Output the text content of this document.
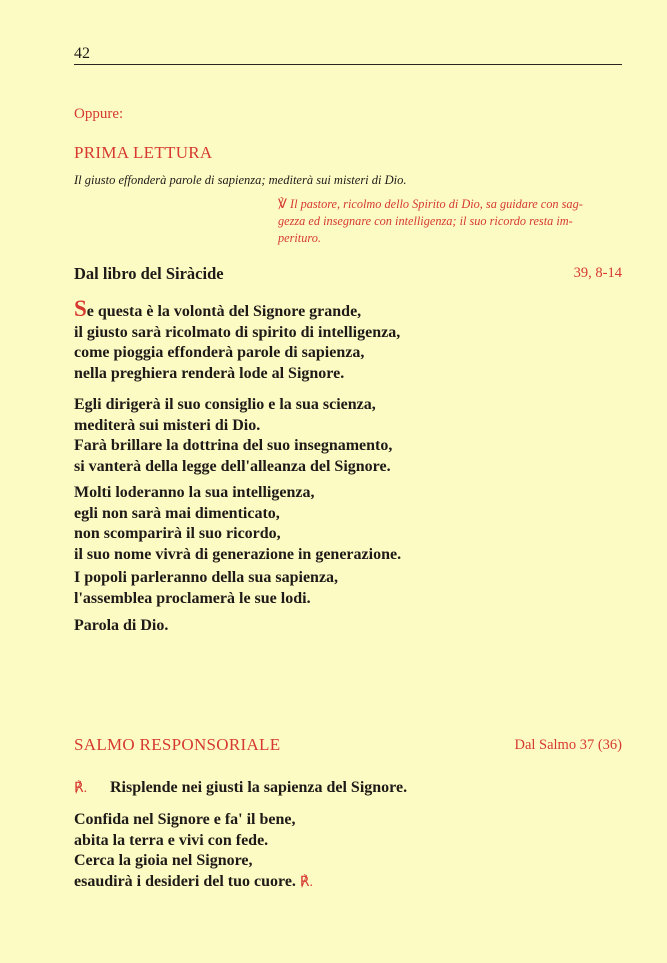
42
Oppure:
PRIMA LETTURA
Il giusto effonderà parole di sapienza; mediterà sui misteri di Dio.
℣ Il pastore, ricolmo dello Spirito di Dio, sa guidare con sag-
gezza ed insegnare con intelligenza; il suo ricordo resta im-
perituro.
Dal libro del Siràcide	39, 8-14
Se questa è la volontà del Signore grande,
il giusto sarà ricolmato di spirito di intelligenza,
come pioggia effonderà parole di sapienza,
nella preghiera renderà lode al Signore.
Egli dirigerà il suo consiglio e la sua scienza,
mediterà sui misteri di Dio.
Farà brillare la dottrina del suo insegnamento,
si vanterà della legge dell'alleanza del Signore.
Molti loderanno la sua intelligenza,
egli non sarà mai dimenticato,
non scomparirà il suo ricordo,
il suo nome vivrà di generazione in generazione.
I popoli parleranno della sua sapienza,
l'assemblea proclamerà le sue lodi.
Parola di Dio.
SALMO RESPONSORIALE	Dal Salmo 37 (36)
℟. Risplende nei giusti la sapienza del Signore.
Confida nel Signore e fa' il bene,
abita la terra e vivi con fede.
Cerca la gioia nel Signore,
esaudirà i desideri del tuo cuore. ℟.
